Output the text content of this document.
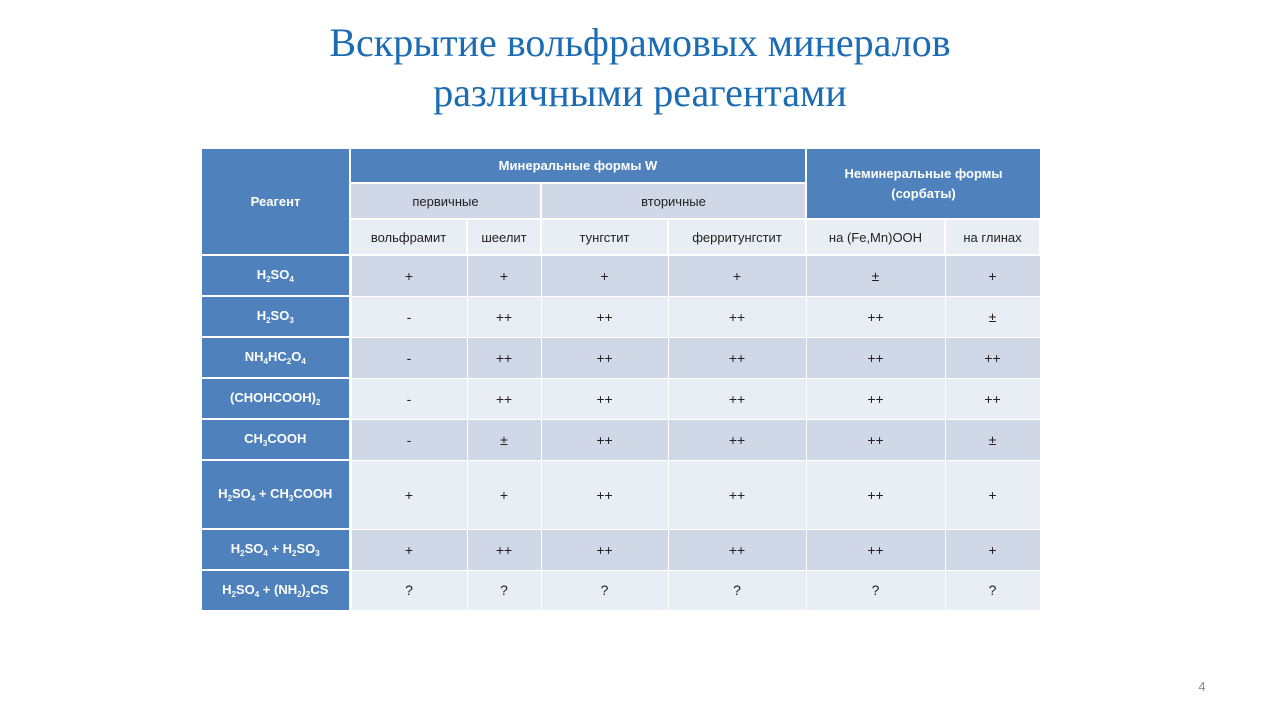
Вскрытие вольфрамовых минералов
различными реагентами
Реагент	Минеральные формы W				Неминеральные формы
(сорбаты)	

	первичные		вторичные			
	вольфрамит	шеелит	тунгстит	ферритунгстит	на (Fe,Mn)OOH	на глинах
$H_2SO_4$	+	+	+	+	±	+
$H_2SO_3$	-	++	++	++	++	±
$NH_4HC_2O_4$	-	++	++	++	++	++
$(CHOHCOOH)_2$	-	++	++	++	++	++
$CH_3COOH$	-	±	++	++	++	±
$H_2SO_4$ + $CH_3COOH$	+	+	++	++	++	+
$H_2SO_4 + H_2SO_3$	+	++	++	++	++	+
$H_2SO_4 + (NH_2)_2CS$	?	?	?	?	?	?
4
